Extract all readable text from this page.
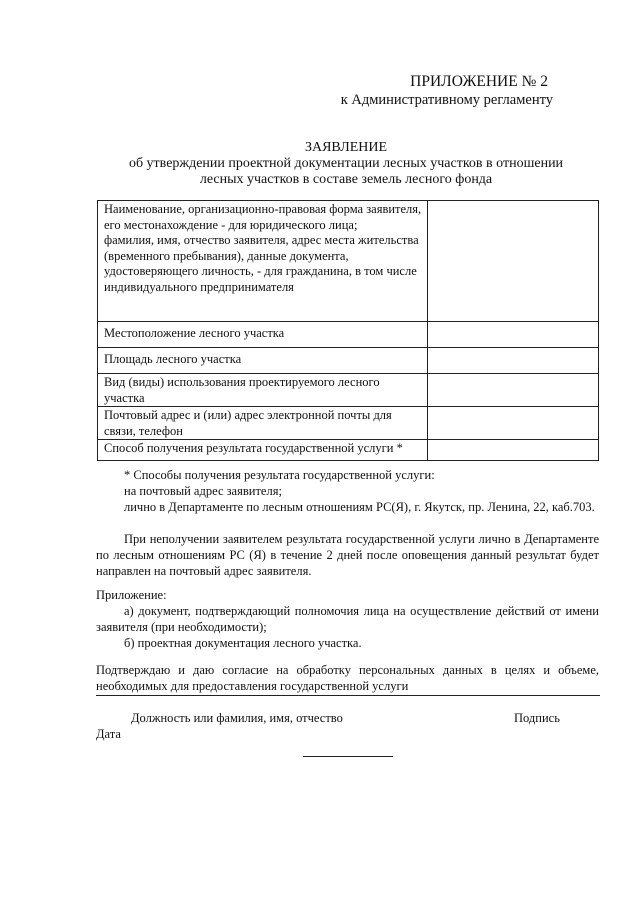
ПРИЛОЖЕНИЕ № 2
к Административному регламенту
ЗАЯВЛЕНИЕ
об утверждении проектной документации лесных участков в отношении
лесных участков в составе земель лесного фонда
Наименование, организационно-правовая форма заявителя, его местонахождение - для юридического лица;
фамилия, имя, отчество заявителя, адрес места жительства (временного пребывания), данные документа, удостоверяющего личность, - для гражданина, в том числе индивидуального предпринимателя	
Местоположение лесного участка	
Площадь лесного участка	
Вид (виды) использования проектируемого лесного участка	
Почтовый адрес и (или) адрес электронной почты для связи, телефон	
Способ получения результата государственной услуги *	
* Способы получения результата государственной услуги:
на почтовый адрес заявителя;
лично в Департаменте по лесным отношениям РС(Я), г. Якутск, пр. Ленина, 22, каб.703.
При неполучении заявителем результата государственной услуги лично в Департаменте по лесным отношениям РС (Я) в течение 2 дней после оповещения данный результат будет направлен на почтовый адрес заявителя.
Приложение:
а) документ, подтверждающий полномочия лица на осуществление действий от имени заявителя (при необходимости);
б) проектная документация лесного участка.
Подтверждаю и даю согласие на обработку персональных данных в целях и объеме, необходимых для предоставления государственной услуги
Должность или фамилия, имя, отчество	Подпись
Дата
